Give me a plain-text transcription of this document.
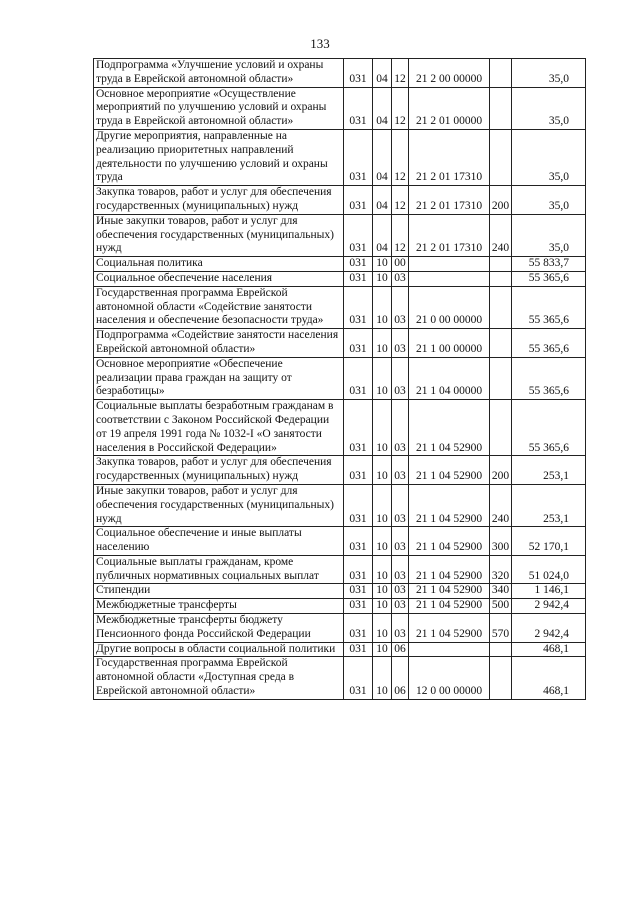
133
Подпрограмма «Улучшение условий и охраны труда в Еврейской автономной области»	031	04	12	21 2 00 00000		35,0
Основное мероприятие «Осуществление мероприятий по улучшению условий и охраны труда в Еврейской автономной области»	031	04	12	21 2 01 00000		35,0
Другие мероприятия, направленные на реализацию приоритетных направлений деятельности по улучшению условий и охраны труда	031	04	12	21 2 01 17310		35,0
Закупка товаров, работ и услуг для обеспечения государственных (муниципальных) нужд	031	04	12	21 2 01 17310	200	35,0
Иные закупки товаров, работ и услуг для обеспечения государственных (муниципальных) нужд	031	04	12	21 2 01 17310	240	35,0
Социальная политика	031	10	00			55 833,7
Социальное обеспечение населения	031	10	03			55 365,6
Государственная программа Еврейской автономной области «Содействие занятости населения и обеспечение безопасности труда»	031	10	03	21 0 00 00000		55 365,6
Подпрограмма «Содействие занятости населения Еврейской автономной области»	031	10	03	21 1 00 00000		55 365,6
Основное мероприятие «Обеспечение реализации права граждан на защиту от безработицы»	031	10	03	21 1 04 00000		55 365,6
Социальные выплаты безработным гражданам в соответствии с Законом Российской Федерации от 19 апреля 1991 года № 1032-I «О занятости населения в Российской Федерации»	031	10	03	21 1 04 52900		55 365,6
Закупка товаров, работ и услуг для обеспечения государственных (муниципальных) нужд	031	10	03	21 1 04 52900	200	253,1
Иные закупки товаров, работ и услуг для обеспечения государственных (муниципальных) нужд	031	10	03	21 1 04 52900	240	253,1
Социальное обеспечение и иные выплаты населению	031	10	03	21 1 04 52900	300	52 170,1
Социальные выплаты гражданам, кроме публичных нормативных социальных выплат	031	10	03	21 1 04 52900	320	51 024,0
Стипендии	031	10	03	21 1 04 52900	340	1 146,1
Межбюджетные трансферты	031	10	03	21 1 04 52900	500	2 942,4
Межбюджетные трансферты бюджету Пенсионного фонда Российской Федерации	031	10	03	21 1 04 52900	570	2 942,4
Другие вопросы в области социальной политики	031	10	06			468,1
Государственная программа Еврейской автономной области «Доступная среда в Еврейской автономной области»	031	10	06	12 0 00 00000		468,1
